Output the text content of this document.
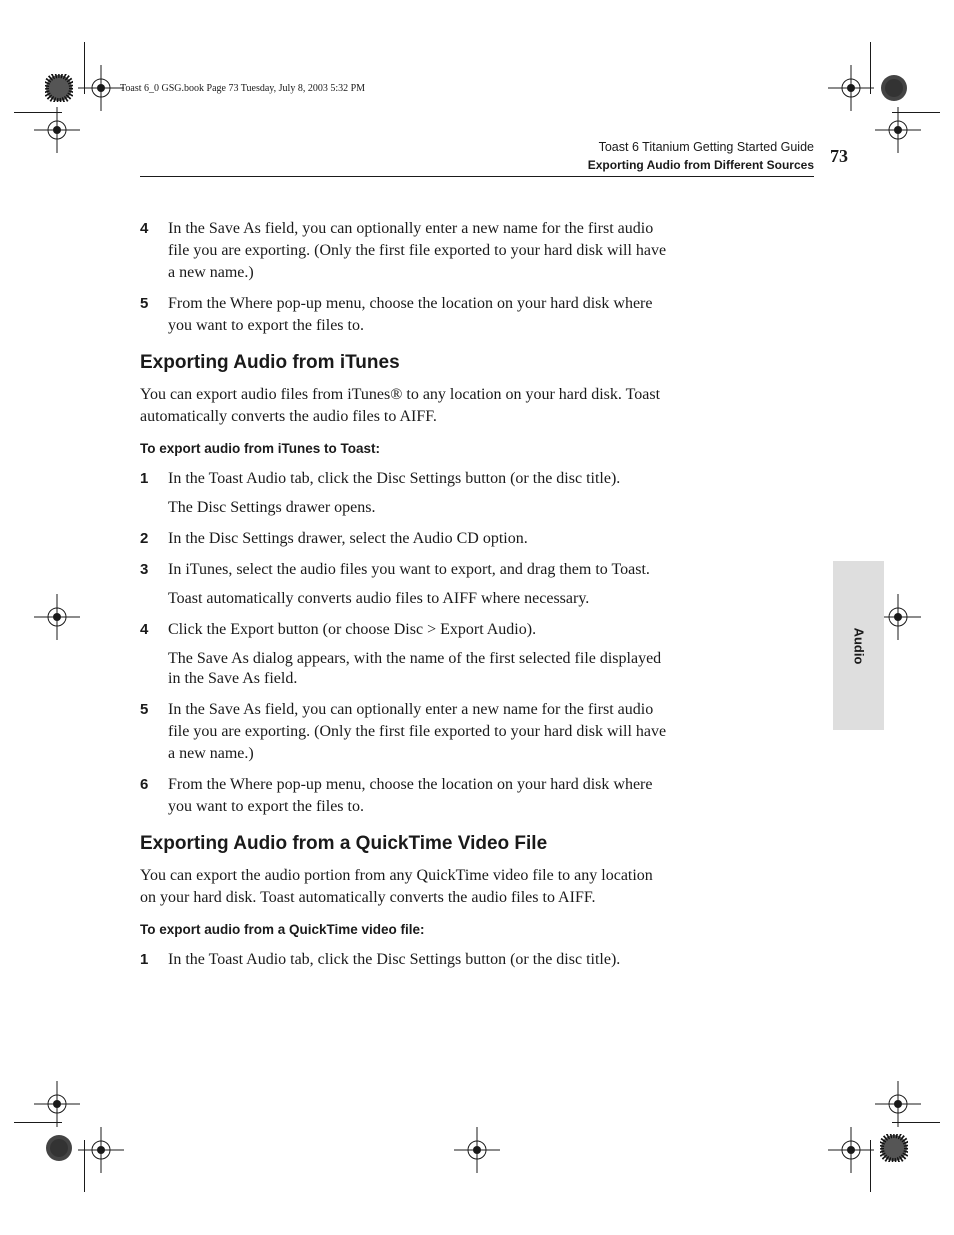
Toast 6_0 GSG.book Page 73 Tuesday, July 8, 2003 5:32 PM
Toast 6 Titanium Getting Started Guide
Exporting Audio from Different Sources 73
Audio
4 In the Save As field, you can optionally enter a new name for the first audio file you are exporting. (Only the first file exported to your hard disk will have a new name.)
5 From the Where pop-up menu, choose the location on your hard disk where you want to export the files to.
Exporting Audio from iTunes
You can export audio files from iTunes® to any location on your hard disk. Toast automatically converts the audio files to AIFF.
To export audio from iTunes to Toast:
1 In the Toast Audio tab, click the Disc Settings button (or the disc title).
The Disc Settings drawer opens.
2 In the Disc Settings drawer, select the Audio CD option.
3 In iTunes, select the audio files you want to export, and drag them to Toast.
Toast automatically converts audio files to AIFF where necessary.
4 Click the Export button (or choose Disc > Export Audio).
The Save As dialog appears, with the name of the first selected file displayed in the Save As field.
5 In the Save As field, you can optionally enter a new name for the first audio file you are exporting. (Only the first file exported to your hard disk will have a new name.)
6 From the Where pop-up menu, choose the location on your hard disk where you want to export the files to.
Exporting Audio from a QuickTime Video File
You can export the audio portion from any QuickTime video file to any location on your hard disk. Toast automatically converts the audio files to AIFF.
To export audio from a QuickTime video file:
1 In the Toast Audio tab, click the Disc Settings button (or the disc title).
